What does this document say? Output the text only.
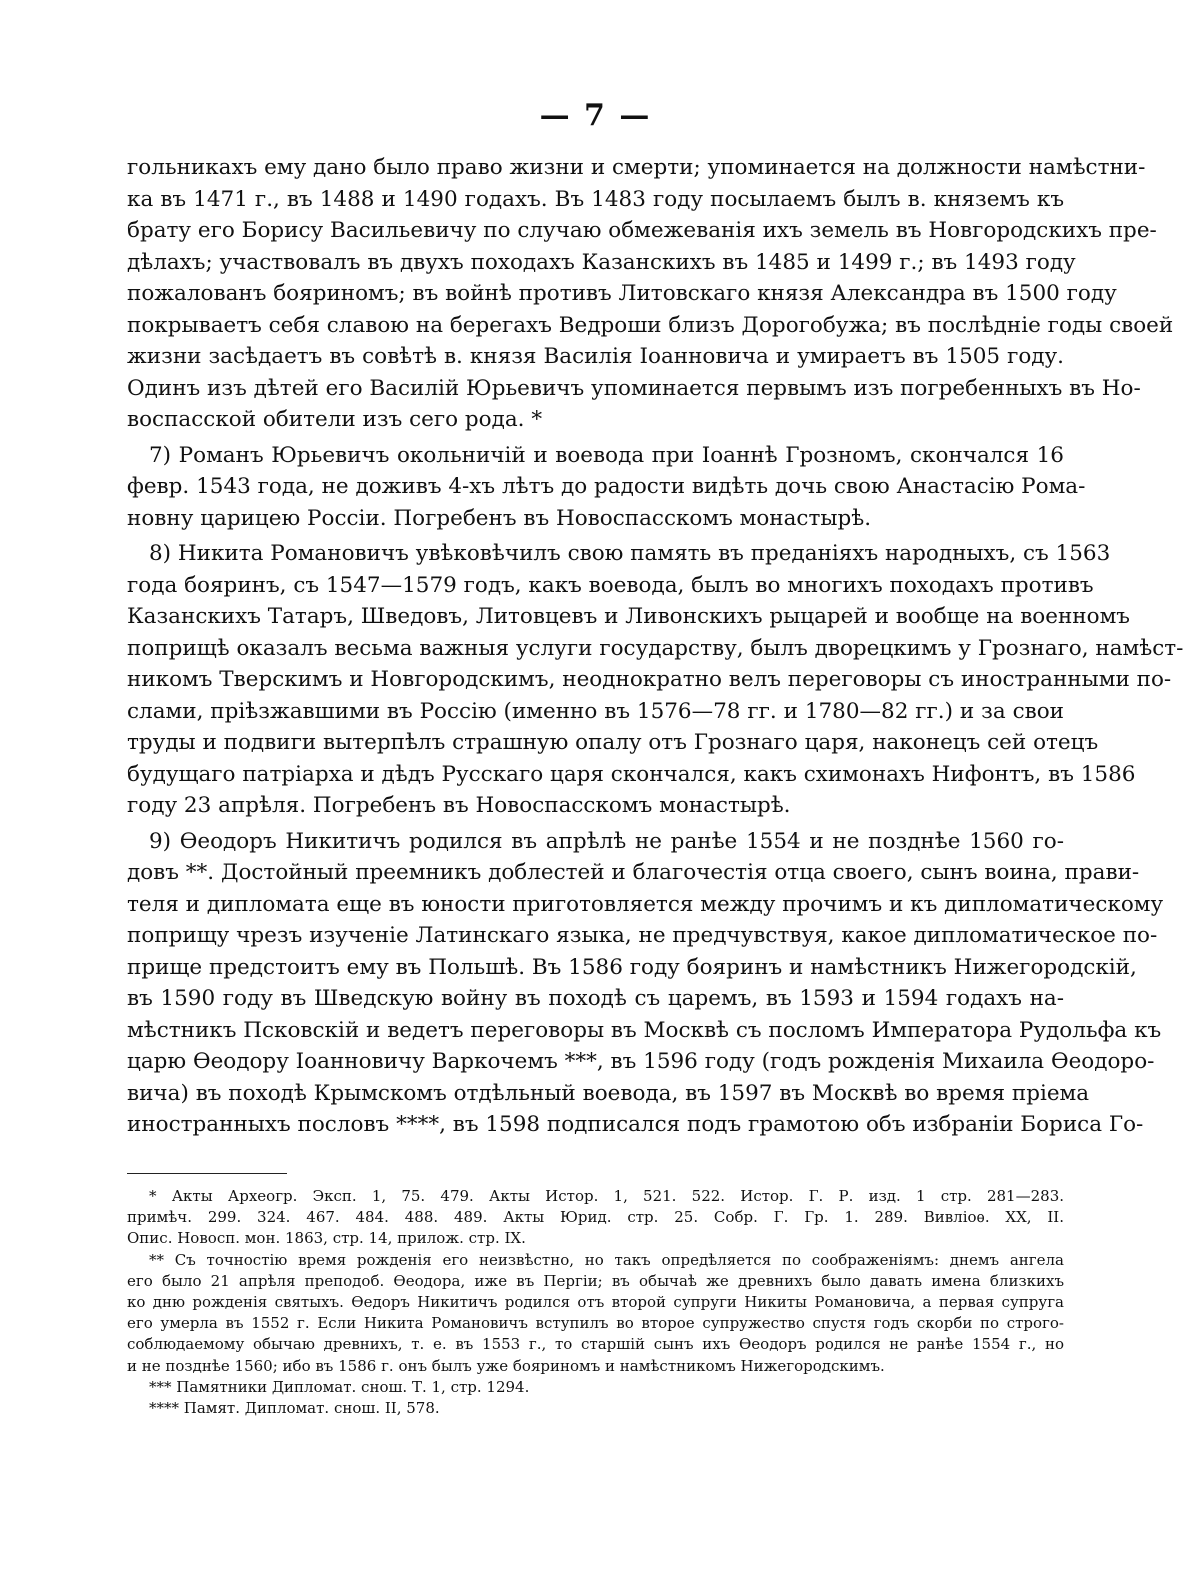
— 7 —
гольникахъ ему дано было право жизни и смерти; упоминается на должности намѣстни-
ка въ 1471 г., въ 1488 и 1490 годахъ. Въ 1483 году посылаемъ былъ в. княземъ къ
брату его Борису Васильевичу по случаю обмежеванія ихъ земель въ Новгородскихъ пре-
дѣлахъ; участвовалъ въ двухъ походахъ Казанскихъ въ 1485 и 1499 г.; въ 1493 году
пожалованъ бояриномъ; въ войнѣ противъ Литовскаго князя Александра въ 1500 году
покрываетъ себя славою на берегахъ Ведроши близъ Дорогобужа; въ послѣдніе годы своей
жизни засѣдаетъ въ совѣтѣ в. князя Василія Іоанновича и умираетъ въ 1505 году.
Одинъ изъ дѣтей его Василій Юрьевичъ упоминается первымъ изъ погребенныхъ въ Но-
воспасской обители изъ сего рода. *
7) Романъ Юрьевичъ окольничій и воевода при Іоаннѣ Грозномъ, скончался 16
февр. 1543 года, не доживъ 4-хъ лѣтъ до радости видѣть дочь свою Анастасію Рома-
новну царицею Россіи. Погребенъ въ Новоспасскомъ монастырѣ.
8) Никита Романовичъ увѣковѣчилъ свою память въ преданіяхъ народныхъ, съ 1563
года бояринъ, съ 1547—1579 годъ, какъ воевода, былъ во многихъ походахъ противъ
Казанскихъ Татаръ, Шведовъ, Литовцевъ и Ливонскихъ рыцарей и вообще на военномъ
поприщѣ оказалъ весьма важныя услуги государству, былъ дворецкимъ у Грознаго, намѣст-
никомъ Тверскимъ и Новгородскимъ, неоднократно велъ переговоры съ иностранными по-
слами, пріѣзжавшими въ Россію (именно въ 1576—78 гг. и 1780—82 гг.) и за свои
труды и подвиги вытерпѣлъ страшную опалу отъ Грознаго царя, наконецъ сей отецъ
будущаго патріарха и дѣдъ Русскаго царя скончался, какъ схимонахъ Нифонтъ, въ 1586
году 23 апрѣля. Погребенъ въ Новоспасскомъ монастырѣ.
9) Ѳеодоръ Никитичъ родился въ апрѣлѣ не ранѣе 1554 и не позднѣе 1560 го-
довъ **. Достойный преемникъ доблестей и благочестія отца своего, сынъ воина, прави-
теля и дипломата еще въ юности приготовляется между прочимъ и къ дипломатическому
поприщу чрезъ изученіе Латинскаго языка, не предчувствуя, какое дипломатическое по-
прище предстоитъ ему въ Польшѣ. Въ 1586 году бояринъ и намѣстникъ Нижегородскій,
въ 1590 году въ Шведскую войну въ походѣ съ царемъ, въ 1593 и 1594 годахъ на-
мѣстникъ Псковскій и ведетъ переговоры въ Москвѣ съ посломъ Императора Рудольфа къ
царю Ѳеодору Іоанновичу Варкочемъ ***, въ 1596 году (годъ рожденія Михаила Ѳеодоро-
вича) въ походѣ Крымскомъ отдѣльный воевода, въ 1597 въ Москвѣ во время пріема
иностранныхъ пословъ ****, въ 1598 подписался подъ грамотою объ избраніи Бориса Го-
* Акты Археогр. Эксп. 1, 75. 479. Акты Истор. 1, 521. 522. Истор. Г. Р. изд. 1 стр. 281—283.
примѣч. 299. 324. 467. 484. 488. 489. Акты Юрид. стр. 25. Собр. Г. Гр. 1. 289. Вивліоѳ. XX, II.
Опис. Новосп. мон. 1863, стр. 14, прилож. стр. IX.
** Съ точностію время рожденія его неизвѣстно, но такъ опредѣляется по соображеніямъ: днемъ ангела
его было 21 апрѣля преподоб. Ѳеодора, иже въ Пергіи; въ обычаѣ же древнихъ было давать имена близкихъ
ко дню рожденія святыхъ. Ѳедоръ Никитичъ родился отъ второй супруги Никиты Романовича, а первая супруга
его умерла въ 1552 г. Если Никита Романовичъ вступилъ во второе супружество спустя годъ скорби по строго-
соблюдаемому обычаю древнихъ, т. е. въ 1553 г., то старшій сынъ ихъ Ѳеодоръ родился не ранѣе 1554 г., но
и не позднѣе 1560; ибо въ 1586 г. онъ былъ уже бояриномъ и намѣстникомъ Нижегородскимъ.
*** Памятники Дипломат. снош. Т. 1, стр. 1294.
**** Памят. Дипломат. снош. II, 578.
